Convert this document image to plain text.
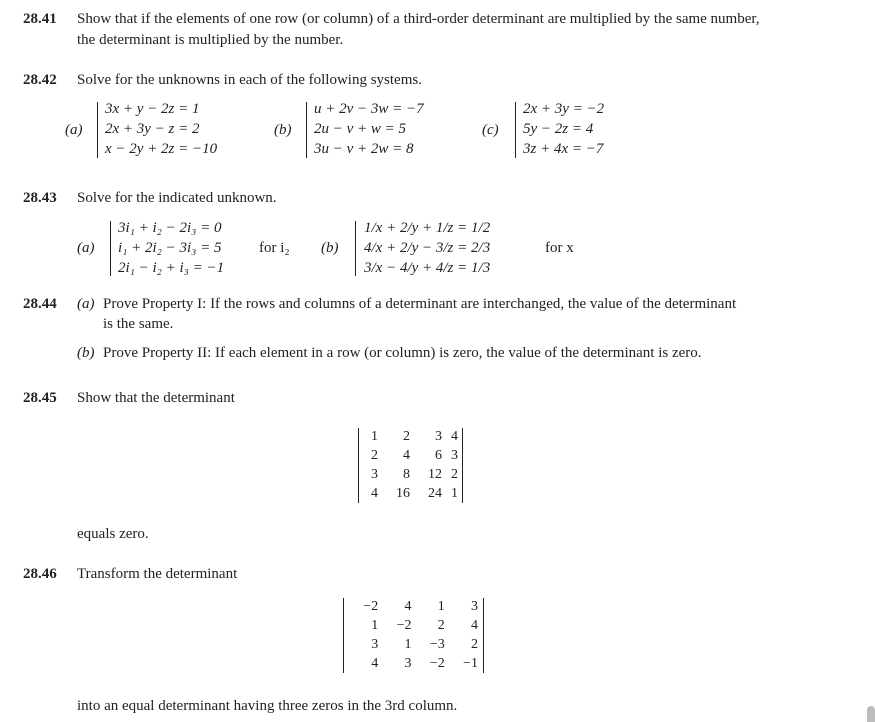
28.41 Show that if the elements of one row (or column) of a third-order determinant are multiplied by the same number,
the determinant is multiplied by the number.
28.42 Solve for the unknowns in each of the following systems.
(a)
3x + y − 2z = 1
2x + 3y − z = 2
x − 2y + 2z = −10
(b)
u + 2v − 3w = −7
2u − v + w = 5
3u − v + 2w = 8
(c)
2x + 3y = −2
5y − 2z = 4
3z + 4x = −7
28.43 Solve for the indicated unknown.
(a)
3i₁ + i₂ − 2i₃ = 0
i₁ + 2i₂ − 3i₃ = 5
2i₁ − i₂ + i₃ = −1
for i₂ (b)
1/x + 2/y + 1/z = 1/2
4/x + 2/y − 3/z = 2/3
3/x − 4/y + 4/z = 1/3
for x
28.44 (a) Prove Property I: If the rows and columns of a determinant are interchanged, the value of the determinant
is the same.
(b) Prove Property II: If each element in a row (or column) is zero, the value of the determinant is zero.
28.45 Show that the determinant
1	2	3	4
2	4	6	3
3	8	12	2
4	16	24	1
equals zero.
28.46 Transform the determinant
−2	4	1	3
1	−2	2	4
3	1	−3	2
4	3	−2	−1
into an equal determinant having three zeros in the 3rd column.
